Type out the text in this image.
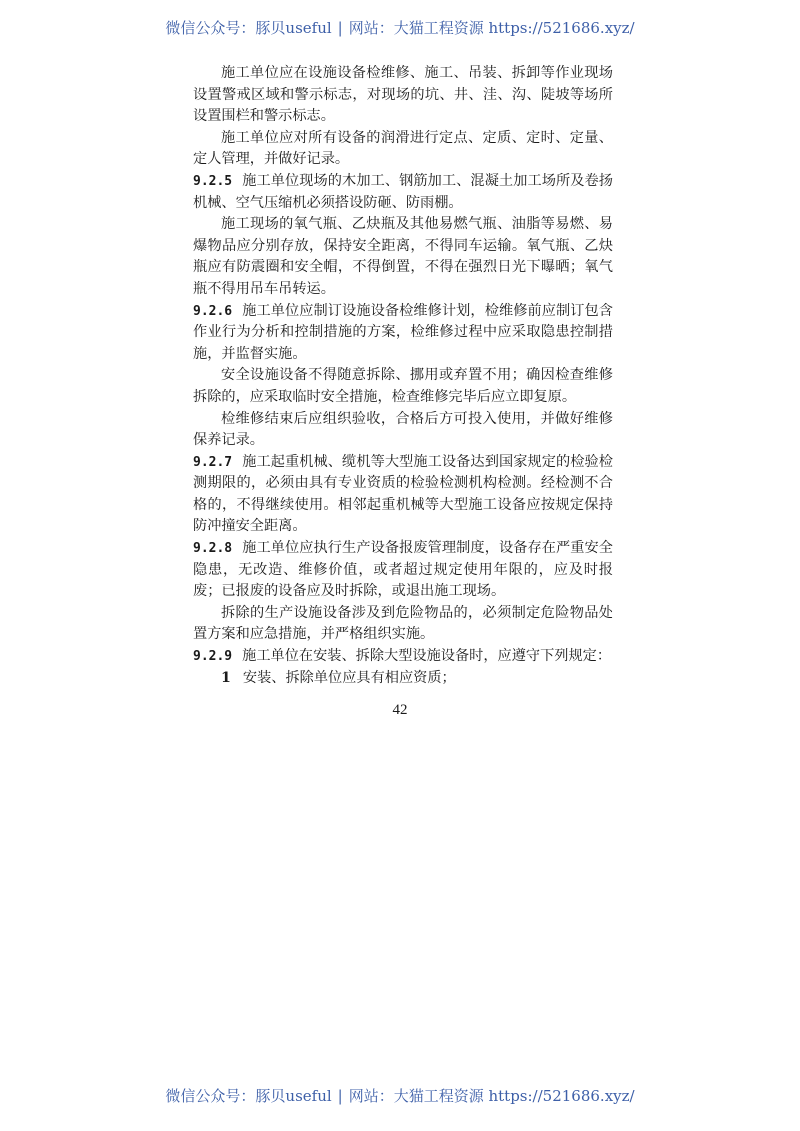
微信公众号：豚贝useful | 网站：大猫工程资源 https://521686.xyz/

施工单位应在设施设备检维修、施工、吊装、拆卸等作业现场设置警戒区域和警示标志，对现场的坑、井、洼、沟、陡坡等场所设置围栏和警示标志。

施工单位应对所有设备的润滑进行定点、定质、定时、定量、定人管理，并做好记录。

9.2.5 施工单位现场的木加工、钢筋加工、混凝土加工场所及卷扬机械、空气压缩机必须搭设防砸、防雨棚。

施工现场的氧气瓶、乙炔瓶及其他易燃气瓶、油脂等易燃、易爆物品应分别存放，保持安全距离，不得同车运输。氧气瓶、乙炔瓶应有防震圈和安全帽，不得倒置，不得在强烈日光下曝晒；氧气瓶不得用吊车吊转运。

9.2.6 施工单位应制订设施设备检维修计划，检维修前应制订包含作业行为分析和控制措施的方案，检维修过程中应采取隐患控制措施，并监督实施。

安全设施设备不得随意拆除、挪用或弃置不用；确因检查维修拆除的，应采取临时安全措施，检查维修完毕后应立即复原。

检维修结束后应组织验收，合格后方可投入使用，并做好维修保养记录。

9.2.7 施工起重机械、缆机等大型施工设备达到国家规定的检验检测期限的，必须由具有专业资质的检验检测机构检测。经检测不合格的，不得继续使用。相邻起重机械等大型施工设备应按规定保持防冲撞安全距离。

9.2.8 施工单位应执行生产设备报废管理制度，设备存在严重安全隐患，无改造、维修价值，或者超过规定使用年限的，应及时报废；已报废的设备应及时拆除，或退出施工现场。

拆除的生产设施设备涉及到危险物品的，必须制定危险物品处置方案和应急措施，并严格组织实施。

9.2.9 施工单位在安装、拆除大型设施设备时，应遵守下列规定：

1 安装、拆除单位应具有相应资质；

42
微信公众号：豚贝useful | 网站：大猫工程资源 https://521686.xyz/
